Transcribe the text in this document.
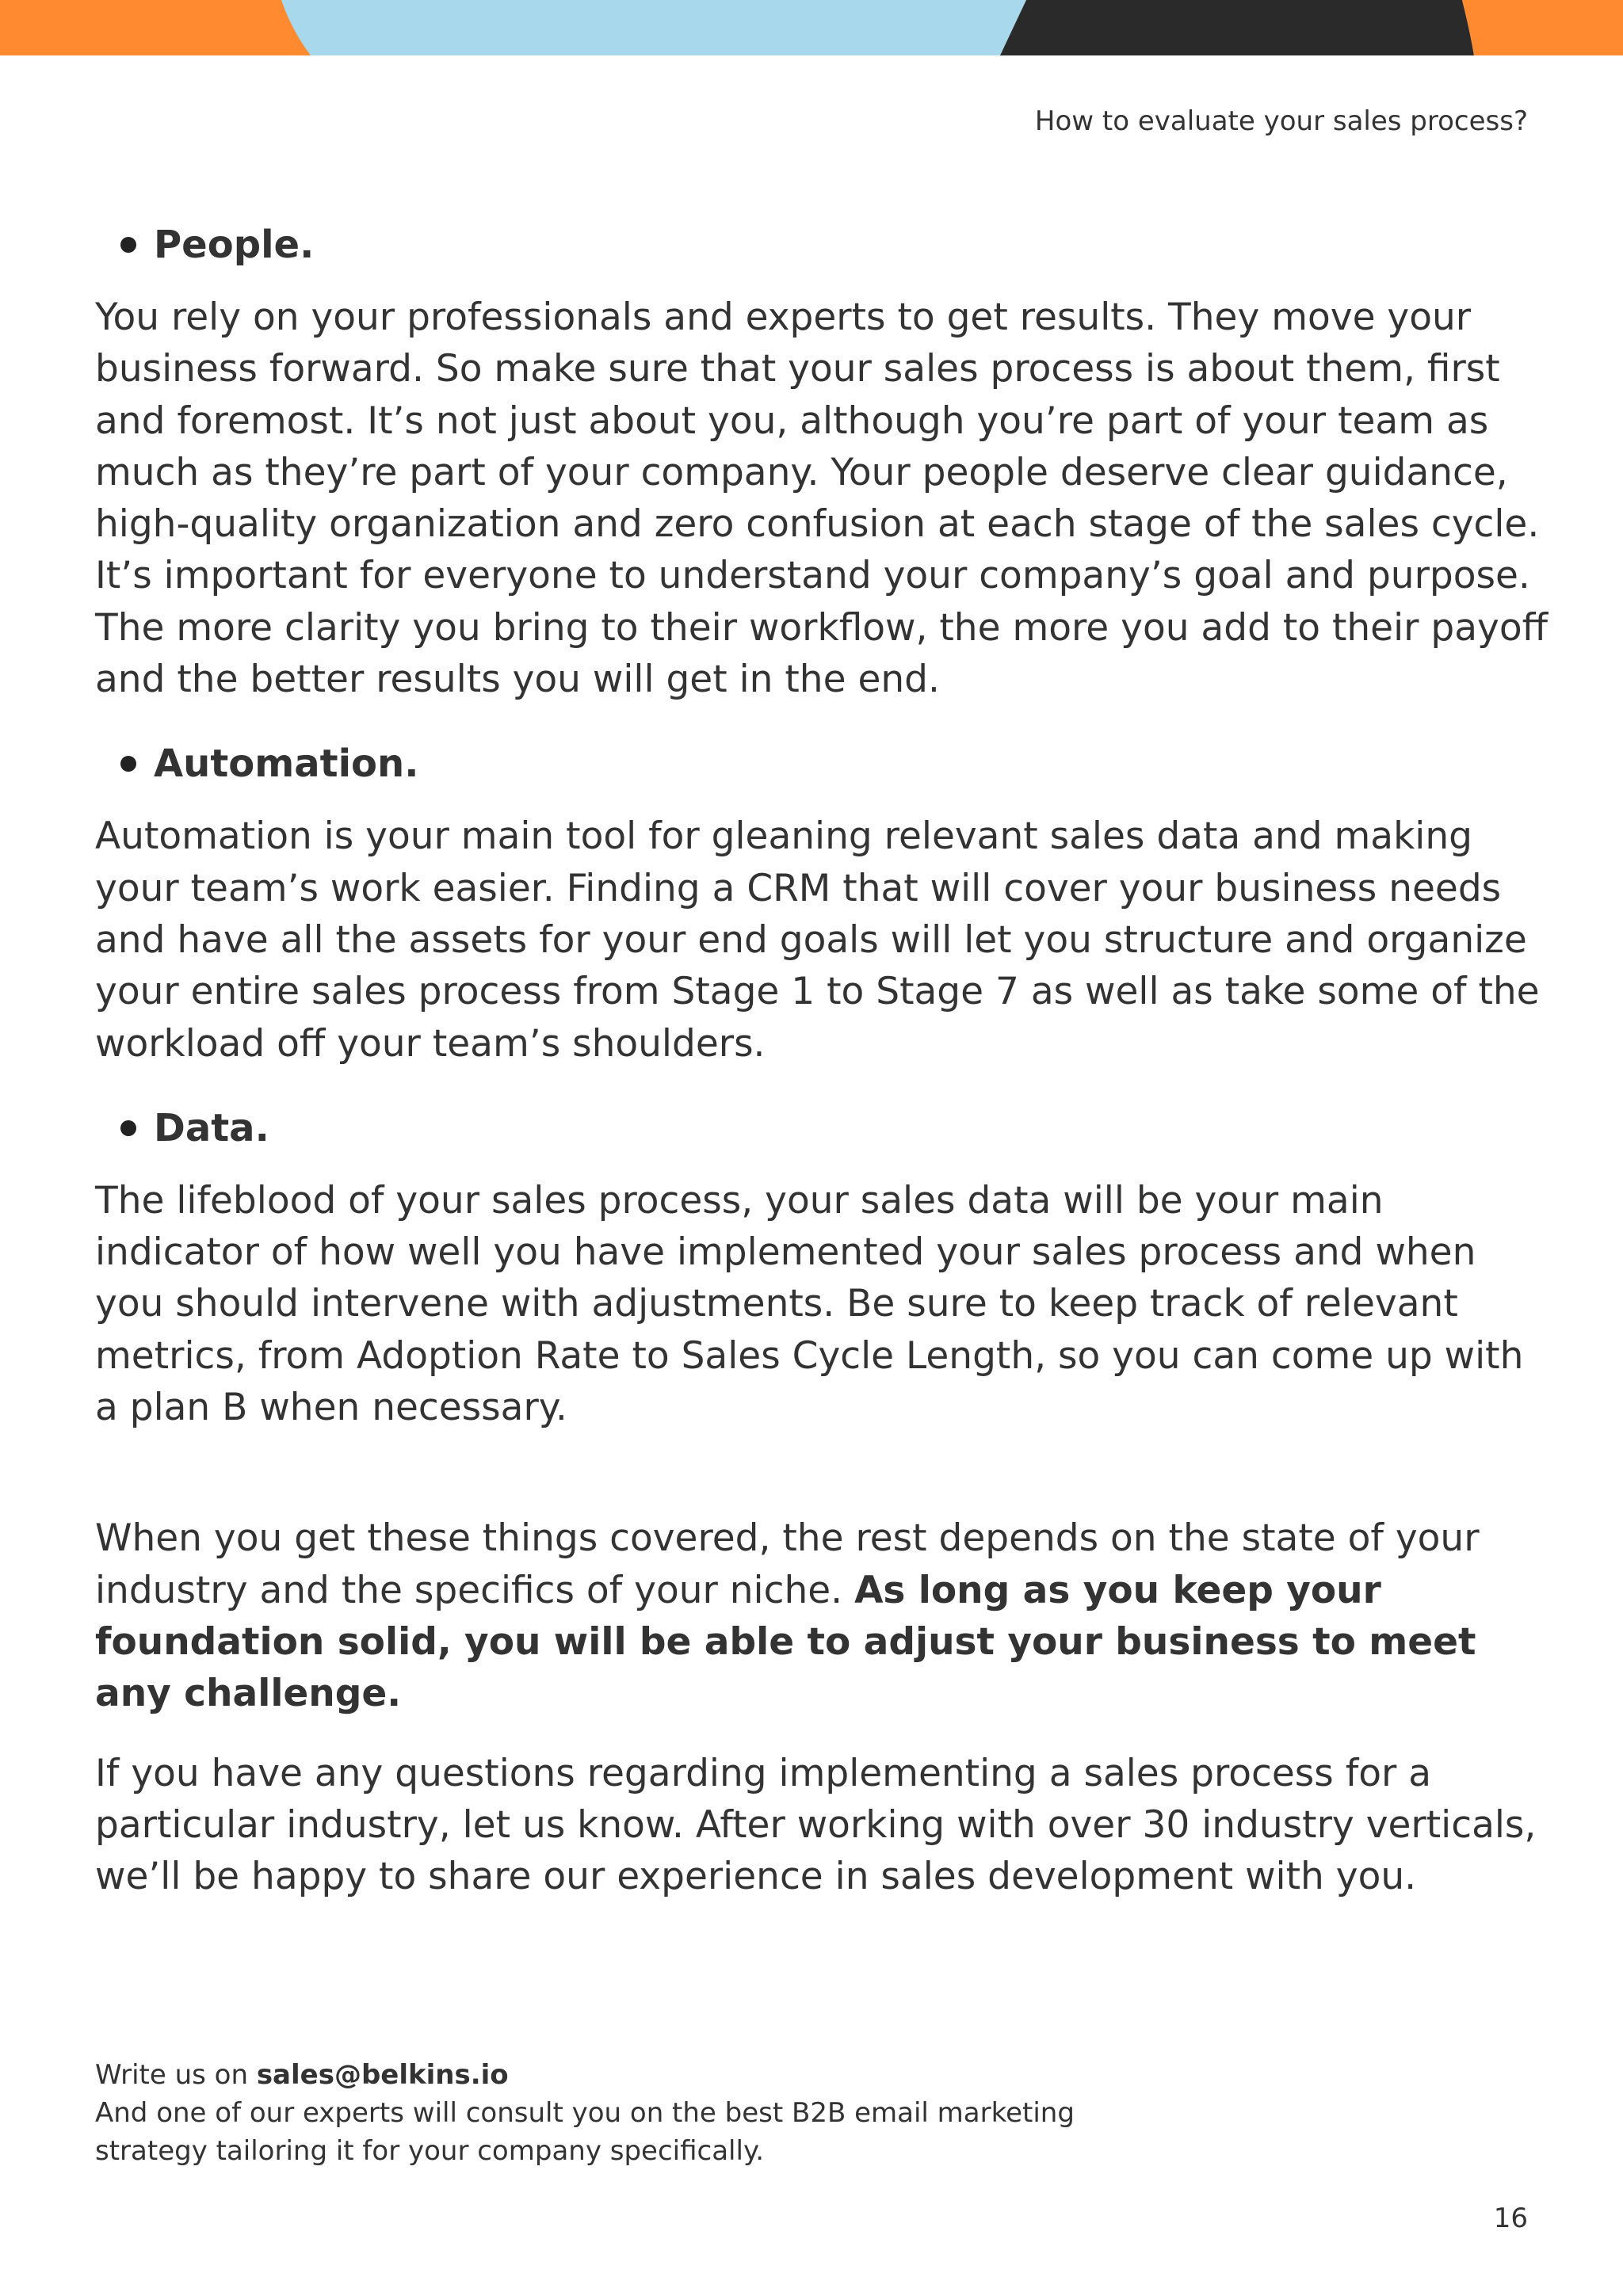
How to evaluate your sales process?
People.

You rely on your professionals and experts to get results. They move your business forward. So make sure that your sales process is about them, first and foremost. It’s not just about you, although you’re part of your team as much as they’re part of your company. Your people deserve clear guidance, high-quality organization and zero confusion at each stage of the sales cycle. It’s important for everyone to understand your company’s goal and purpose. The more clarity you bring to their workflow, the more you add to their payoff and the better results you will get in the end.

Automation.

Automation is your main tool for gleaning relevant sales data and making your team’s work easier. Finding a CRM that will cover your business needs and have all the assets for your end goals will let you structure and organize your entire sales process from Stage 1 to Stage 7 as well as take some of the workload off your team’s shoulders.

Data.

The lifeblood of your sales process, your sales data will be your main indicator of how well you have implemented your sales process and when you should intervene with adjustments. Be sure to keep track of relevant metrics, from Adoption Rate to Sales Cycle Length, so you can come up with a plan B when necessary.

When you get these things covered, the rest depends on the state of your industry and the specifics of your niche. As long as you keep your foundation solid, you will be able to adjust your business to meet any challenge.

If you have any questions regarding implementing a sales process for a particular industry, let us know. After working with over 30 industry verticals, we’ll be happy to share our experience in sales development with you.

Write us on sales@belkins.io
And one of our experts will consult you on the best B2B email marketing
strategy tailoring it for your company specifically.
16
